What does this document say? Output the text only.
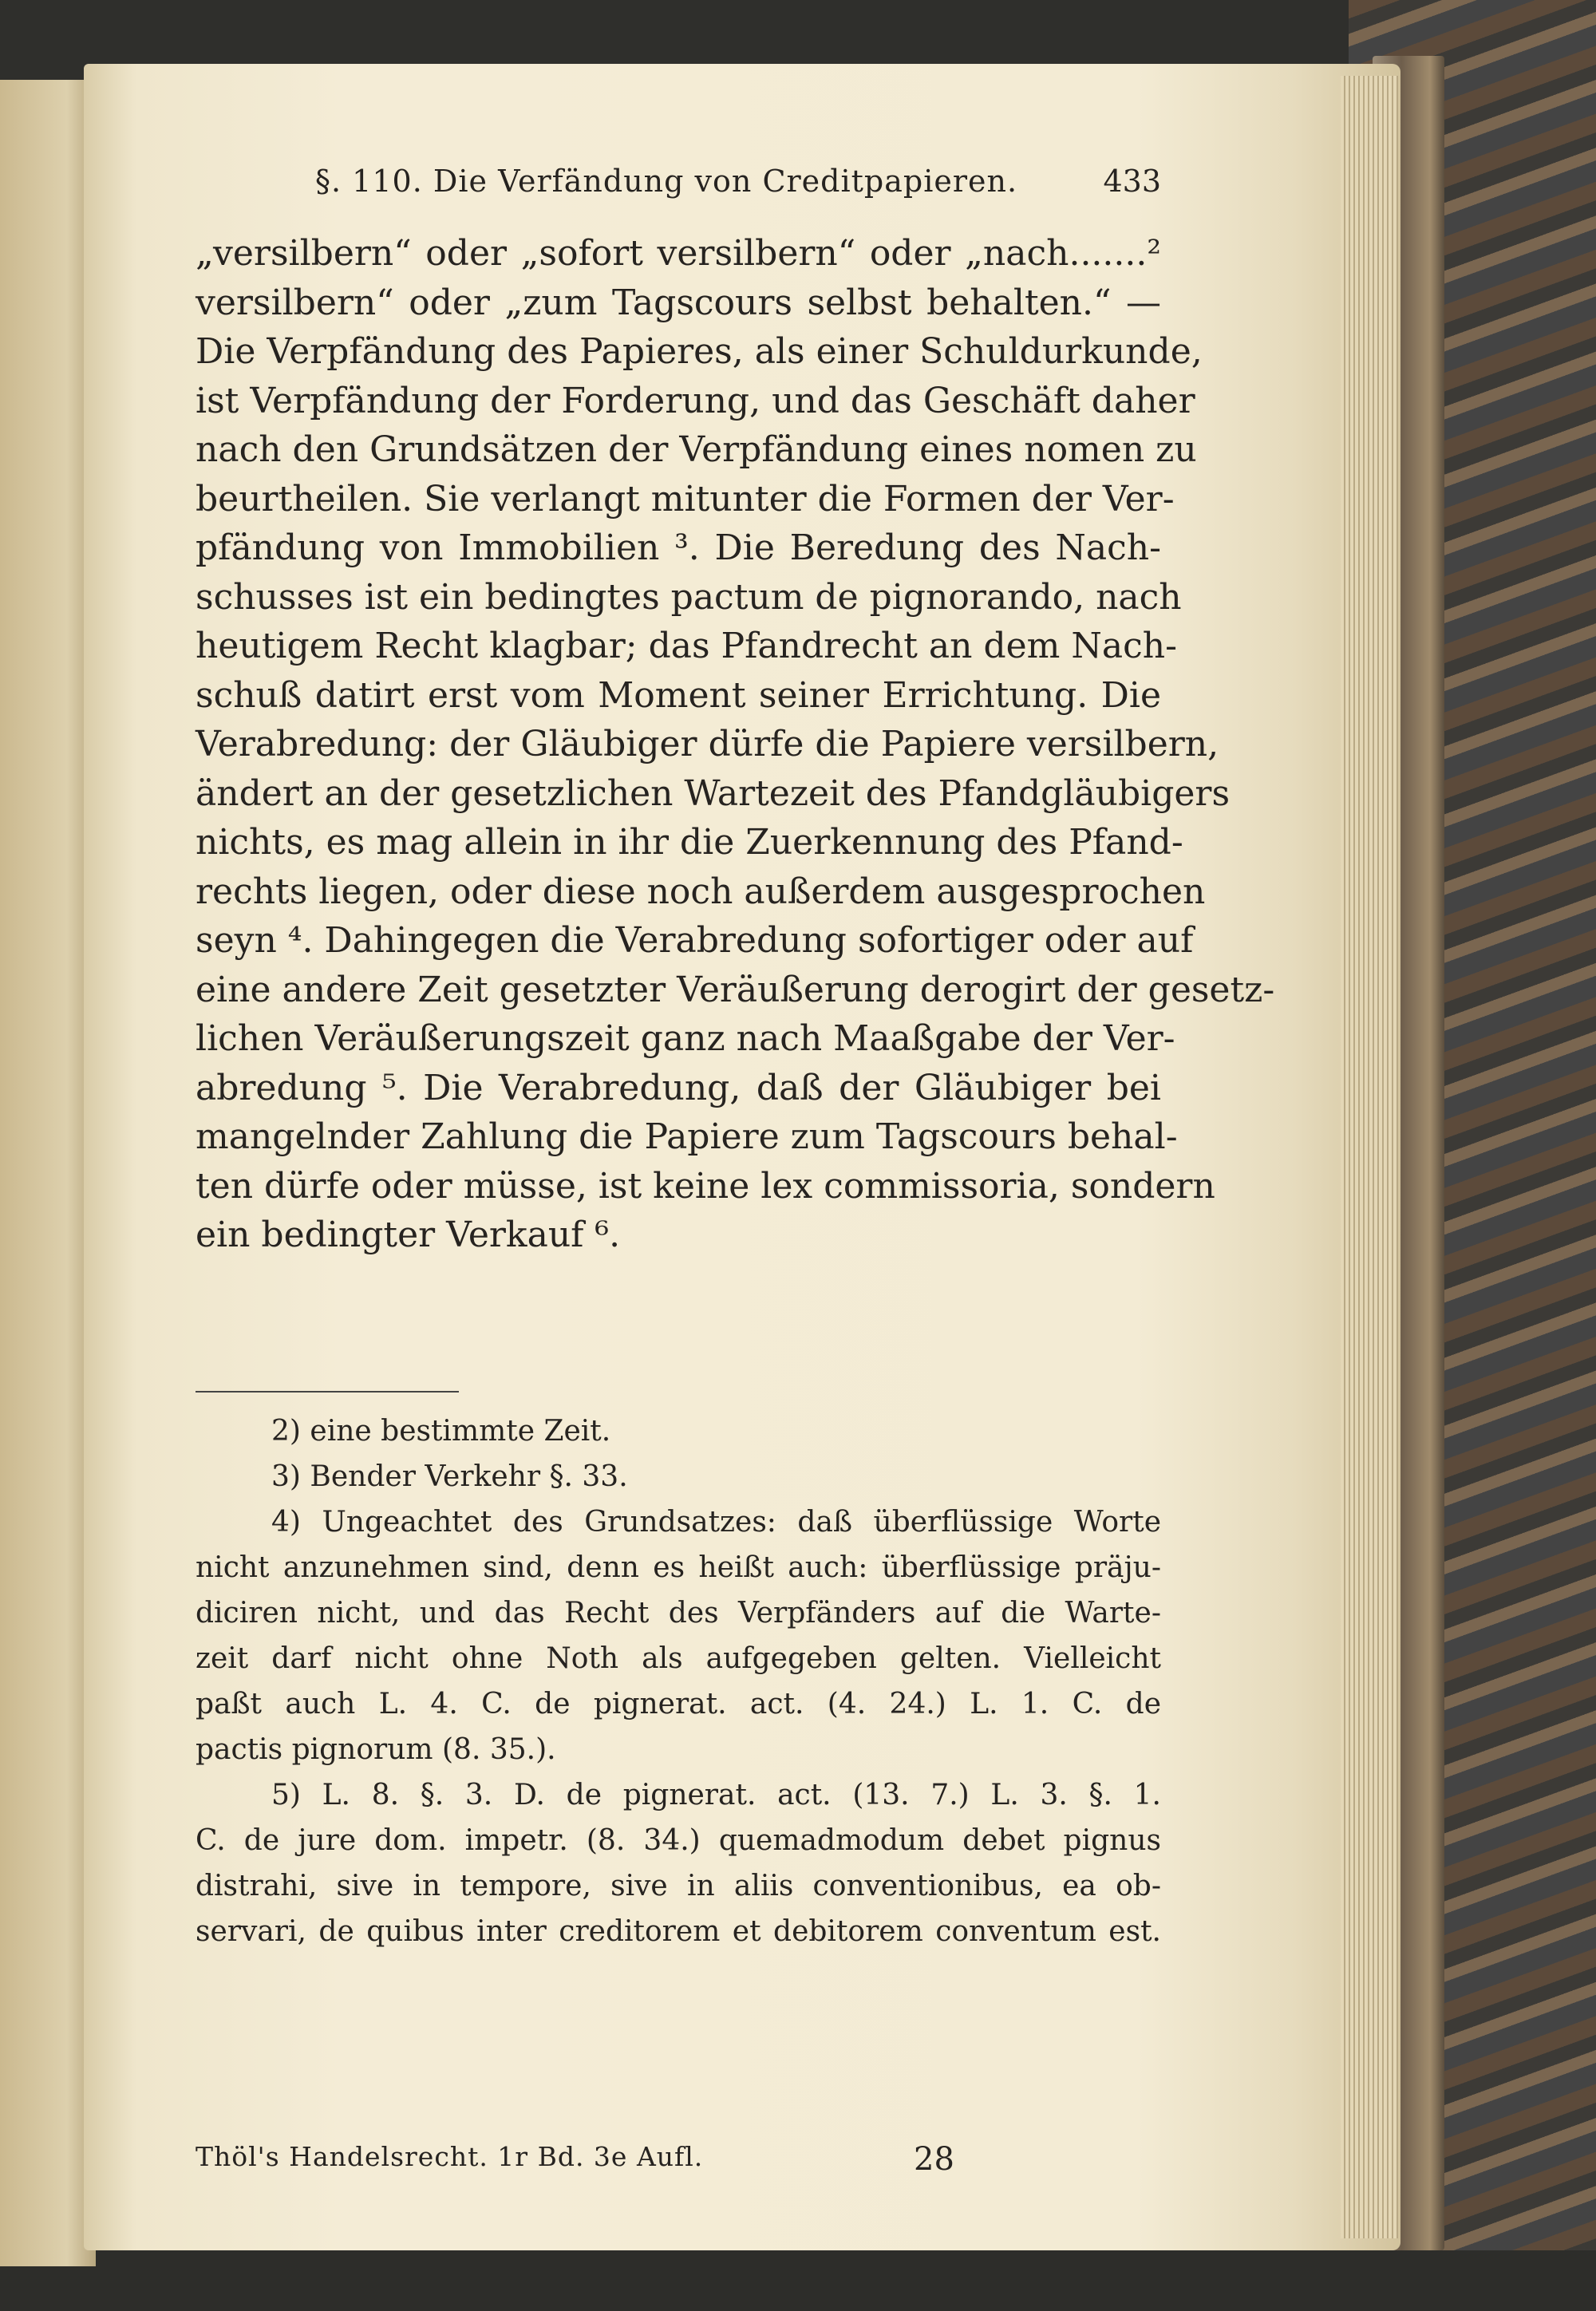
§. 110. Die Verfändung von Creditpapieren.	433
„versilbern“ oder „sofort versilbern“ oder „nach.......²
versilbern“ oder „zum Tagscours selbst behalten.“ —
Die Verpfändung des Papieres, als einer Schuldurkunde,
ist Verpfändung der Forderung, und das Geschäft daher
nach den Grundsätzen der Verpfändung eines nomen zu
beurtheilen. Sie verlangt mitunter die Formen der Ver-
pfändung von Immobilien ³. Die Beredung des Nach-
schusses ist ein bedingtes pactum de pignorando, nach
heutigem Recht klagbar; das Pfandrecht an dem Nach-
schuß datirt erst vom Moment seiner Errichtung. Die
Verabredung: der Gläubiger dürfe die Papiere versilbern,
ändert an der gesetzlichen Wartezeit des Pfandgläubigers
nichts, es mag allein in ihr die Zuerkennung des Pfand-
rechts liegen, oder diese noch außerdem ausgesprochen
seyn ⁴. Dahingegen die Verabredung sofortiger oder auf
eine andere Zeit gesetzter Veräußerung derogirt der gesetz-
lichen Veräußerungszeit ganz nach Maaßgabe der Ver-
abredung ⁵. Die Verabredung, daß der Gläubiger bei
mangelnder Zahlung die Papiere zum Tagscours behal-
ten dürfe oder müsse, ist keine lex commissoria, sondern
ein bedingter Verkauf ⁶.
2) eine bestimmte Zeit.
3) Bender Verkehr §. 33.
4) Ungeachtet des Grundsatzes: daß überflüssige Worte
nicht anzunehmen sind, denn es heißt auch: überflüssige präju-
diciren nicht, und das Recht des Verpfänders auf die Warte-
zeit darf nicht ohne Noth als aufgegeben gelten. Vielleicht
paßt auch L. 4. C. de pignerat. act. (4. 24.) L. 1. C. de
pactis pignorum (8. 35.).
5) L. 8. §. 3. D. de pignerat. act. (13. 7.) L. 3. §. 1.
C. de jure dom. impetr. (8. 34.) quemadmodum debet pignus
distrahi, sive in tempore, sive in aliis conventionibus, ea ob-
servari, de quibus inter creditorem et debitorem conventum est.
Thöl's Handelsrecht. 1r Bd. 3e Aufl.	28
